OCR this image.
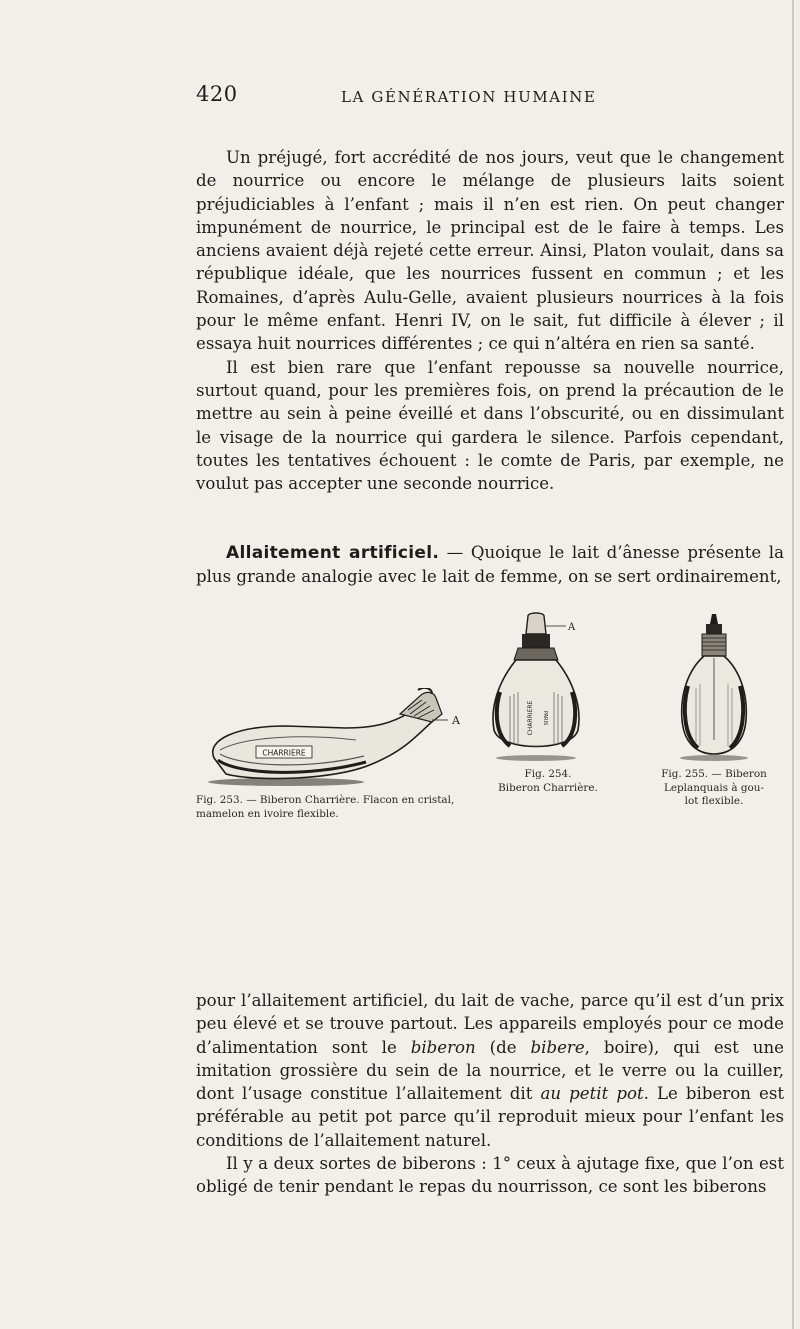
420	LA GÉNÉRATION HUMAINE

Un préjugé, fort accrédité de nos jours, veut que le changement de nourrice ou encore le mélange de plusieurs laits soient préjudiciables à l’enfant ; mais il n’en est rien. On peut changer impunément de nourrice, le principal est de le faire à temps. Les anciens avaient déjà rejeté cette erreur. Ainsi, Platon voulait, dans sa république idéale, que les nourrices fussent en commun ; et les Romaines, d’après Aulu-Gelle, avaient plusieurs nourrices à la fois pour le même enfant. Henri IV, on le sait, fut difficile à élever ; il essaya huit nourrices différentes ; ce qui n’altéra en rien sa santé.

Il est bien rare que l’enfant repousse sa nouvelle nourrice, surtout quand, pour les premières fois, on prend la précaution de le mettre au sein à peine éveillé et dans l’obscurité, ou en dissimulant le visage de la nourrice qui gardera le silence. Parfois cependant, toutes les tentatives échouent : le comte de Paris, par exemple, ne voulut pas accepter une seconde nourrice.

Allaitement artificiel. — Quoique le lait d’ânesse présente la plus grande analogie avec le lait de femme, on se sert ordinairement,

CHARRIERE
A
Fig. 253. — Biberon Charrière. Flacon en cristal, mamelon en ivoire flexible.
A
CHARRIERE PARIS
Fig. 254.
Biberon Charrière.
Fig. 255. — Biberon
Leplanquais à gou-
lot flexible.

pour l’allaitement artificiel, du lait de vache, parce qu’il est d’un prix peu élevé et se trouve partout. Les appareils employés pour ce mode d’alimentation sont le biberon (de bibere, boire), qui est une imitation grossière du sein de la nourrice, et le verre ou la cuiller, dont l’usage constitue l’allaitement dit au petit pot. Le biberon est préférable au petit pot parce qu’il reproduit mieux pour l’enfant les conditions de l’allaitement naturel.

Il y a deux sortes de biberons : 1° ceux à ajutage fixe, que l’on est obligé de tenir pendant le repas du nourrisson, ce sont les biberons
